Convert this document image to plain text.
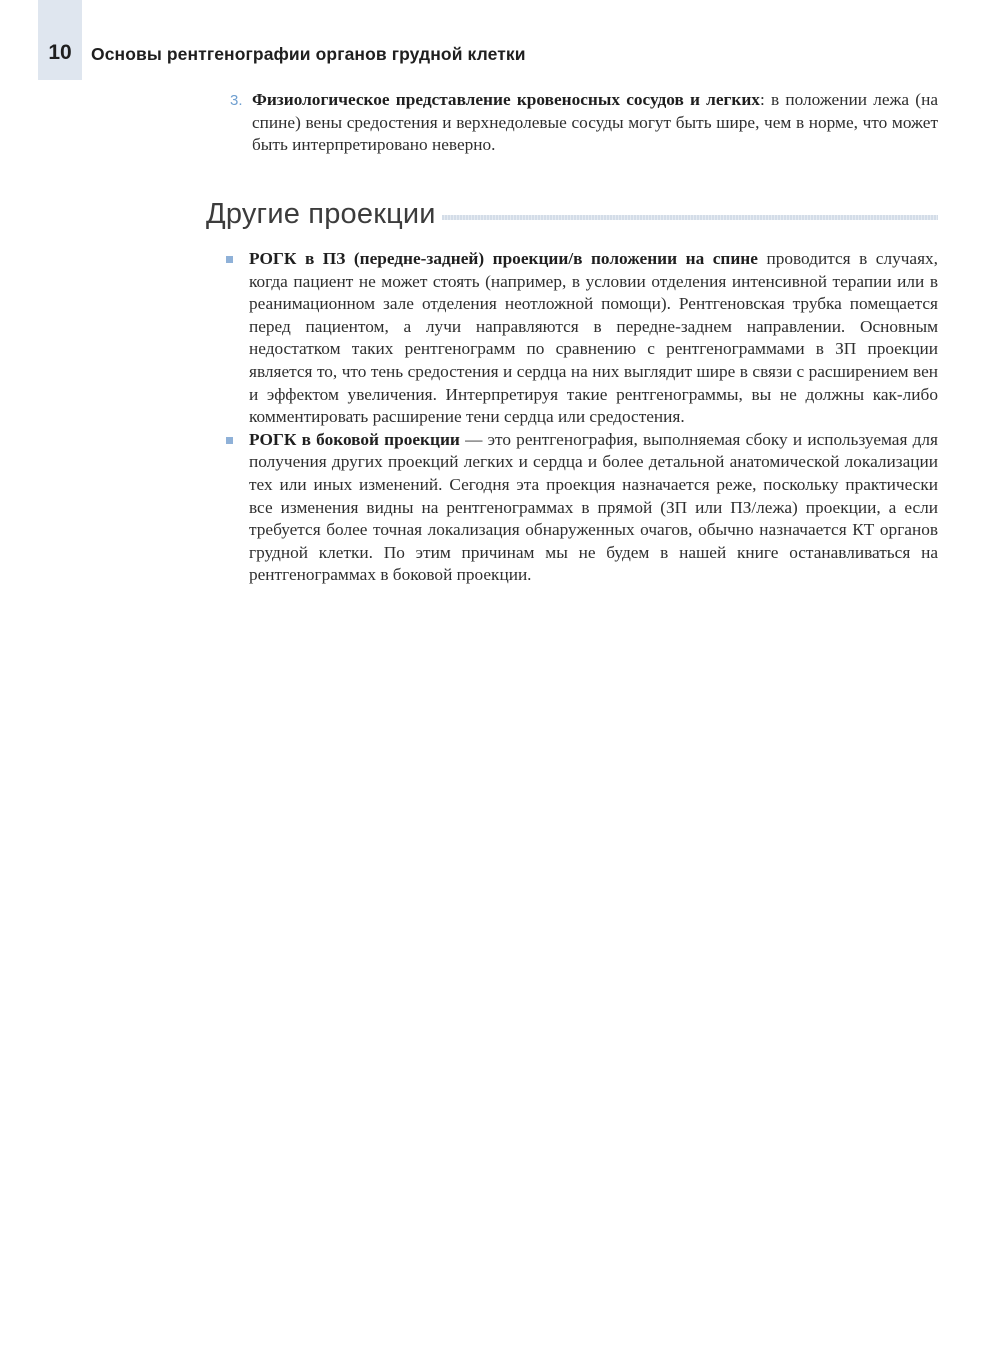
10	Основы рентгенографии органов грудной клетки
3. Физиологическое представление кровеносных сосудов и легких: в положении лежа (на спине) вены средостения и верхнедолевые сосуды могут быть шире, чем в норме, что может быть интерпретировано неверно.
Другие проекции
РОГК в ПЗ (передне-задней) проекции/в положении на спине проводится в случаях, когда пациент не может стоять (например, в условии отделения интенсивной терапии или в реанимационном зале отделения неотложной помощи). Рентгеновская трубка помещается перед пациентом, а лучи направляются в передне-заднем направлении. Основным недостатком таких рентгенограмм по сравнению с рентгенограммами в ЗП проекции является то, что тень средостения и сердца на них выглядит шире в связи с расширением вен и эффектом увеличения. Интерпретируя такие рентгенограммы, вы не должны как-либо комментировать расширение тени сердца или средостения.
РОГК в боковой проекции — это рентгенография, выполняемая сбоку и используемая для получения других проекций легких и сердца и более детальной анатомической локализации тех или иных изменений. Сегодня эта проекция назначается реже, поскольку практически все изменения видны на рентгенограммах в прямой (ЗП или ПЗ/лежа) проекции, а если требуется более точная локализация обнаруженных очагов, обычно назначается КТ органов грудной клетки. По этим причинам мы не будем в нашей книге останавливаться на рентгенограммах в боковой проекции.
